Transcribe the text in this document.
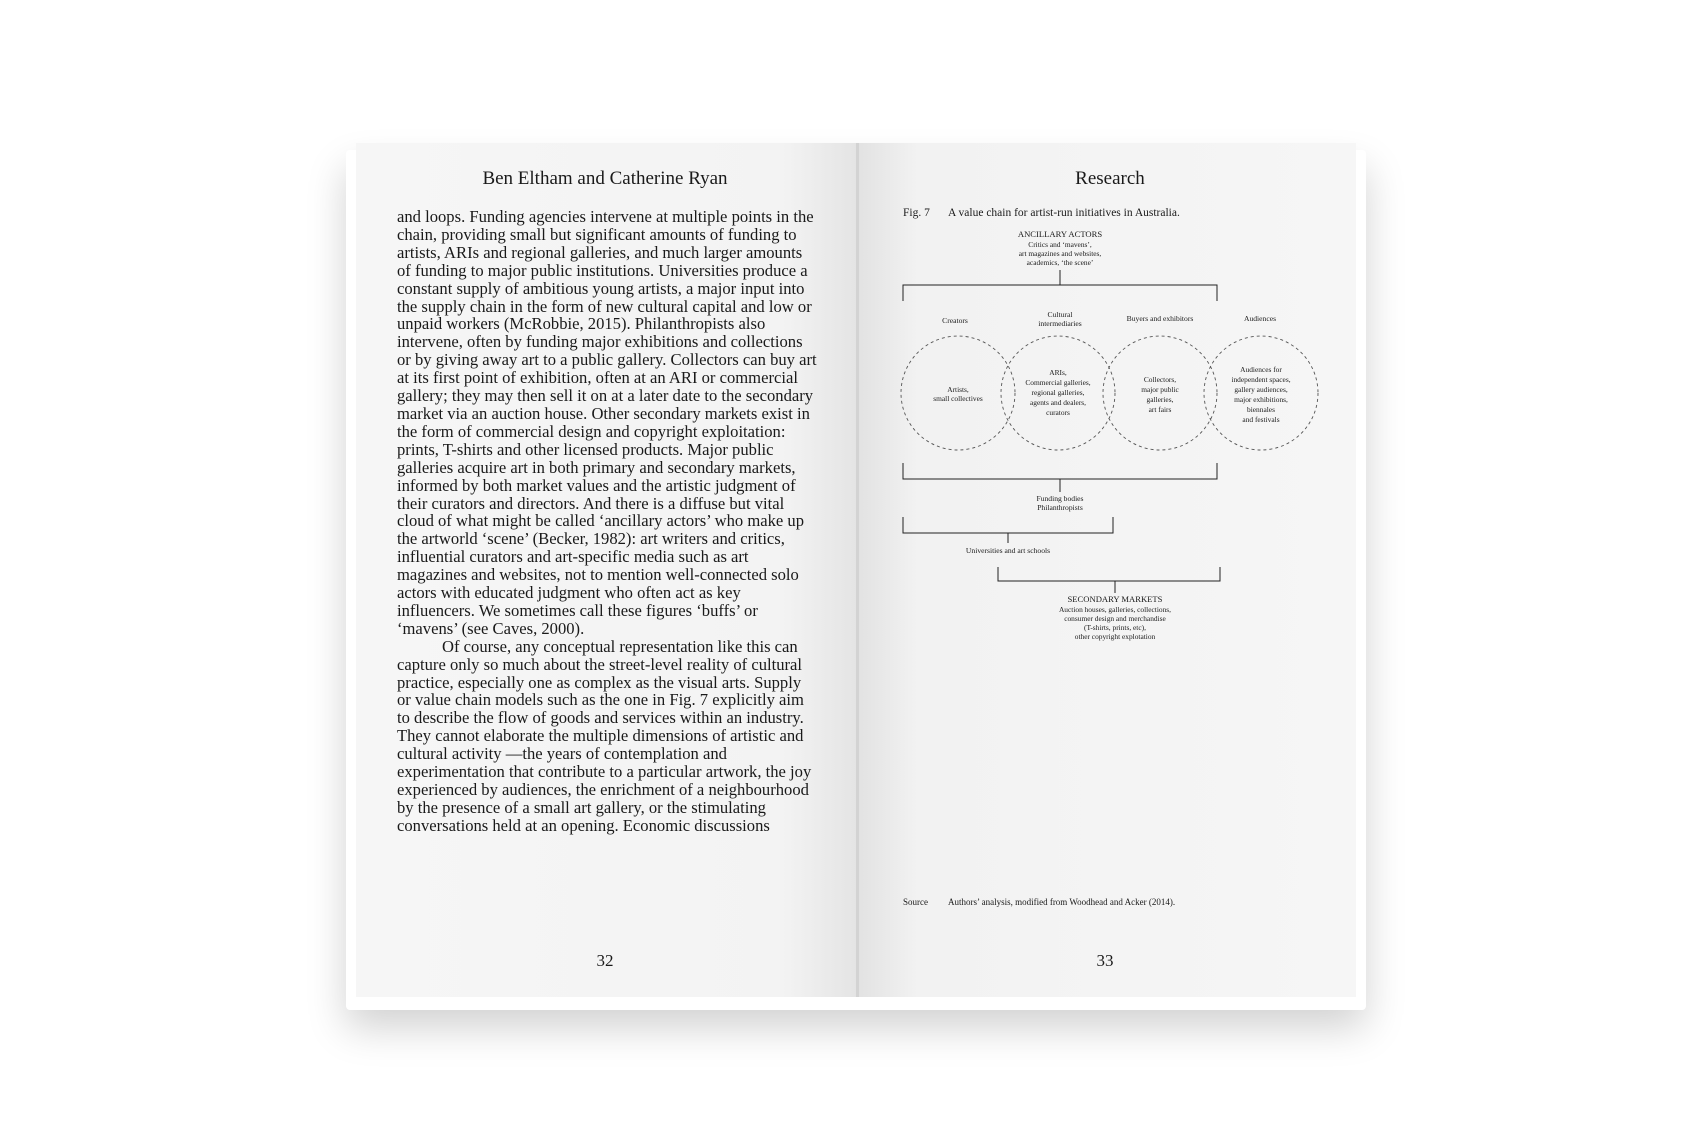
Ben Eltham and Catherine Ryan

and loops. Funding agencies intervene at multiple points in the chain, providing small but significant amounts of funding to artists, ARIs and regional galleries, and much larger amounts of funding to major public institutions. Universities produce a constant supply of ambitious young artists, a major input into the supply chain in the form of new cultural capital and low or unpaid workers (McRobbie, 2015). Philanthropists also intervene, often by funding major exhibitions and collections or by giving away art to a public gallery. Collectors can buy art at its first point of exhibition, often at an ARI or commercial gallery; they may then sell it on at a later date to the secondary market via an auction house. Other secondary markets exist in the form of commercial design and copyright exploitation: prints, T-shirts and other licensed products. Major public galleries acquire art in both primary and secondary markets, informed by both market values and the artistic judgment of their curators and directors. And there is a diffuse but vital cloud of what might be called ‘ancillary actors’ who make up the artworld ‘scene’ (Becker, 1982): art writers and critics, influential curators and art-specific media such as art magazines and websites, not to mention well-connected solo actors with educated judgment who often act as key influencers. We sometimes call these figures ‘buffs’ or ‘mavens’ (see Caves, 2000).

Of course, any conceptual representation like this can capture only so much about the street-level reality of cultural practice, especially one as complex as the visual arts. Supply or value chain models such as the one in Fig. 7 explicitly aim to describe the flow of goods and services within an industry. They cannot elaborate the multiple dimensions of artistic and cultural activity —the years of contemplation and experimentation that contribute to a particular artwork, the joy experienced by audiences, the enrichment of a neighbourhood by the presence of a small art gallery, or the stimulating conversations held at an opening. Economic discussions

32
Research
Fig. 7 A value chain for artist-run initiatives in Australia.
ANCILLARY ACTORS
Critics and ‘mavens’,
art magazines and websites,
academics, ‘the scene’
Creators
Cultural
intermediaries
Buyers and exhibitors	Audiences
Artists,
small collectives
ARIs,
Commercial galleries,
regional galleries,
agents and dealers,
curators
Collectors,
major public
galleries,
art fairs
Audiences for
independent spaces,
gallery audiences,
major exhibitions,
biennales
and festivals
Funding bodies
Philanthropists
Universities and art schools
SECONDARY MARKETS
Auction houses, galleries, collections,
consumer design and merchandise
(T-shirts, prints, etc),
other copyright explotation
Source Authors’ analysis, modified from Woodhead and Acker (2014).
33
